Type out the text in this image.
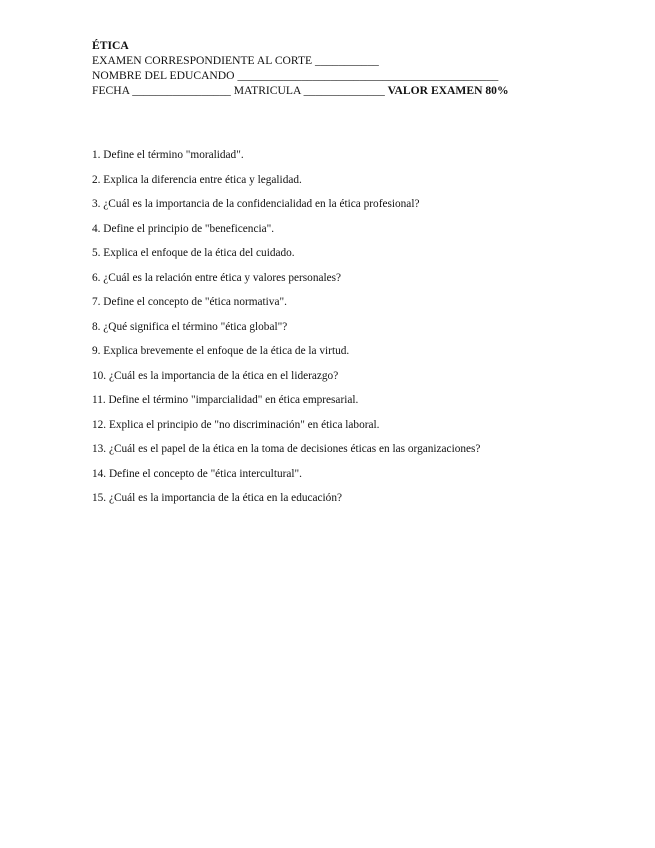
ÉTICA
EXAMEN CORRESPONDIENTE AL CORTE ___________
NOMBRE DEL EDUCANDO _____________________________________________
FECHA _________________ MATRICULA ______________ VALOR EXAMEN 80%
1. Define el término "moralidad".
2. Explica la diferencia entre ética y legalidad.
3. ¿Cuál es la importancia de la confidencialidad en la ética profesional?
4. Define el principio de "beneficencia".
5. Explica el enfoque de la ética del cuidado.
6. ¿Cuál es la relación entre ética y valores personales?
7. Define el concepto de "ética normativa".
8. ¿Qué significa el término "ética global"?
9. Explica brevemente el enfoque de la ética de la virtud.
10. ¿Cuál es la importancia de la ética en el liderazgo?
11. Define el término "imparcialidad" en ética empresarial.
12. Explica el principio de "no discriminación" en ética laboral.
13. ¿Cuál es el papel de la ética en la toma de decisiones éticas en las organizaciones?
14. Define el concepto de "ética intercultural".
15. ¿Cuál es la importancia de la ética en la educación?
